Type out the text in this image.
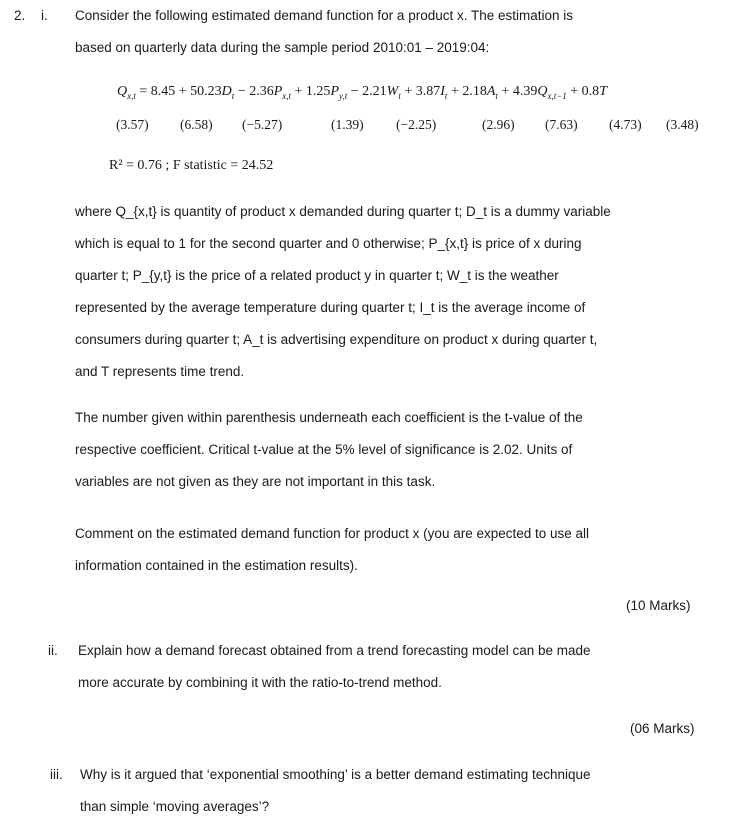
2. i. Consider the following estimated demand function for a product x. The estimation is
based on quarterly data during the sample period 2010:01 – 2019:04:
$Q_{x,t} = 8.45 + 50.23D_t - 2.36P_{x,t} + 1.25P_{y,t} - 2.21W_t + 3.87I_t + 2.18A_t + 4.39Q_{x,t-1} + 0.8T$
(3.57) (6.58) (−5.27)	(1.39) (−2.25)	(2.96) (7.63) (4.73) (3.48)
R² = 0.76 ; F statistic = 24.52
where Q_{x,t} is quantity of product x demanded during quarter t; D_t is a dummy variable
which is equal to 1 for the second quarter and 0 otherwise; P_{x,t} is price of x during
quarter t; P_{y,t} is the price of a related product y in quarter t; W_t is the weather
represented by the average temperature during quarter t; I_t is the average income of
consumers during quarter t; A_t is advertising expenditure on product x during quarter t,
and T represents time trend.
The number given within parenthesis underneath each coefficient is the t-value of the
respective coefficient. Critical t-value at the 5% level of significance is 2.02. Units of
variables are not given as they are not important in this task.
Comment on the estimated demand function for product x (you are expected to use all
information contained in the estimation results).
(10 Marks)
ii. Explain how a demand forecast obtained from a trend forecasting model can be made
more accurate by combining it with the ratio-to-trend method.
(06 Marks)
iii. Why is it argued that ‘exponential smoothing’ is a better demand estimating technique
than simple ‘moving averages’?
